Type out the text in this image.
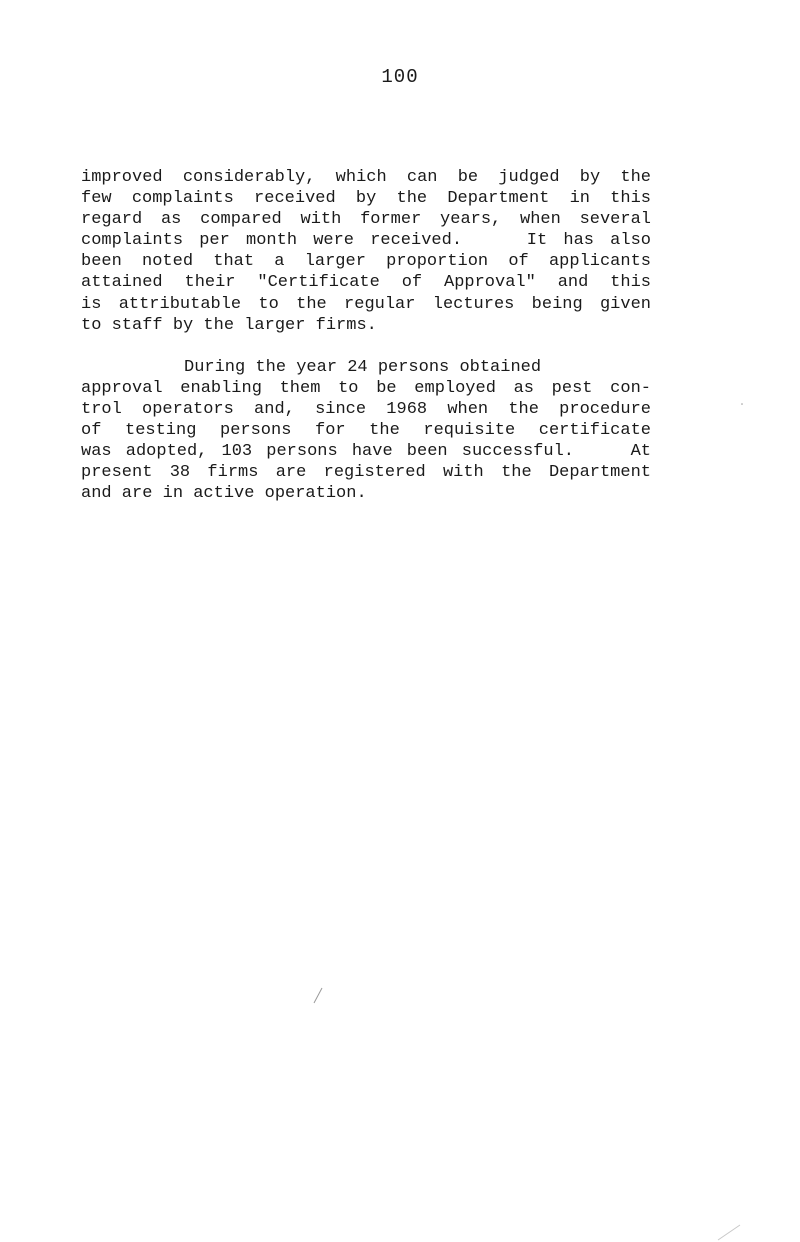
100
improved considerably, which can be judged by the
few complaints received by the Department in this
regard as compared with former years, when several
complaints per month were received.    It has also
been noted that a larger proportion of applicants
attained their "Certificate of Approval" and this
is attributable to the regular lectures being given
to staff by the larger firms.
During the year 24 persons obtained
approval enabling them to be employed as pest con-
trol operators and, since 1968 when the procedure
of testing persons for the requisite certificate
was adopted, 103 persons have been successful.    At
present 38 firms are registered with the Department
and are in active operation.
